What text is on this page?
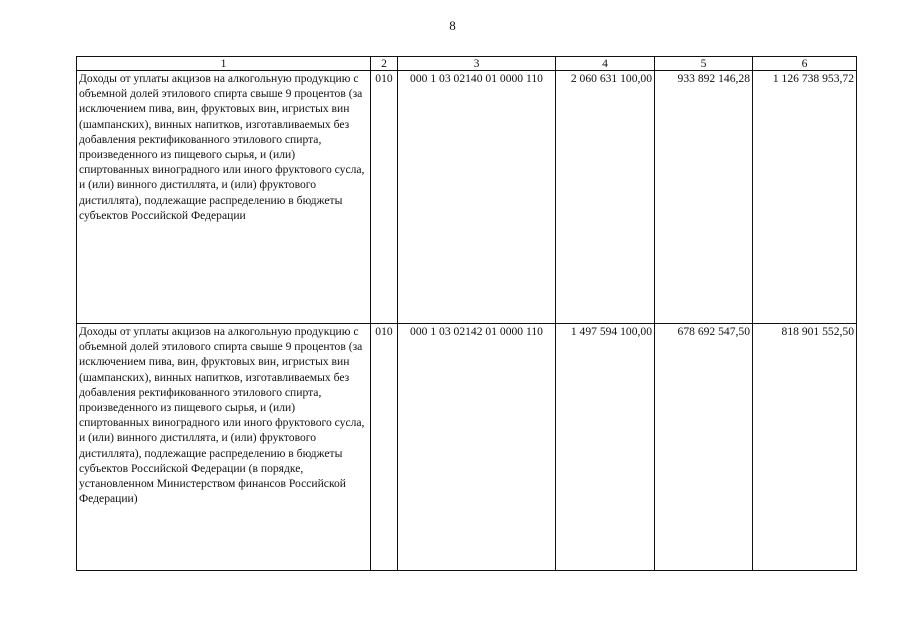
8
1	2	3	4	5	6
Доходы от уплаты акцизов на алкогольную продукцию с объемной долей этилового спирта свыше 9 процентов (за исключением пива, вин, фруктовых вин, игристых вин (шампанских), винных напитков, изготавливаемых без добавления ректификованного этилового спирта, произведенного из пищевого сырья, и (или) спиртованных виноградного или иного фруктового сусла, и (или) винного дистиллята, и (или) фруктового дистиллята), подлежащие распределению в бюджеты субъектов Российской Федерации	010	000 1 03 02140 01 0000 110	2 060 631 100,00	933 892 146,28	1 126 738 953,72
Доходы от уплаты акцизов на алкогольную продукцию с объемной долей этилового спирта свыше 9 процентов (за исключением пива, вин, фруктовых вин, игристых вин (шампанских), винных напитков, изготавливаемых без добавления ректификованного этилового спирта, произведенного из пищевого сырья, и (или) спиртованных виноградного или иного фруктового сусла, и (или) винного дистиллята, и (или) фруктового дистиллята), подлежащие распределению в бюджеты субъектов Российской Федерации (в порядке, установленном Министерством финансов Российской Федерации)	010	000 1 03 02142 01 0000 110	1 497 594 100,00	678 692 547,50	818 901 552,50
